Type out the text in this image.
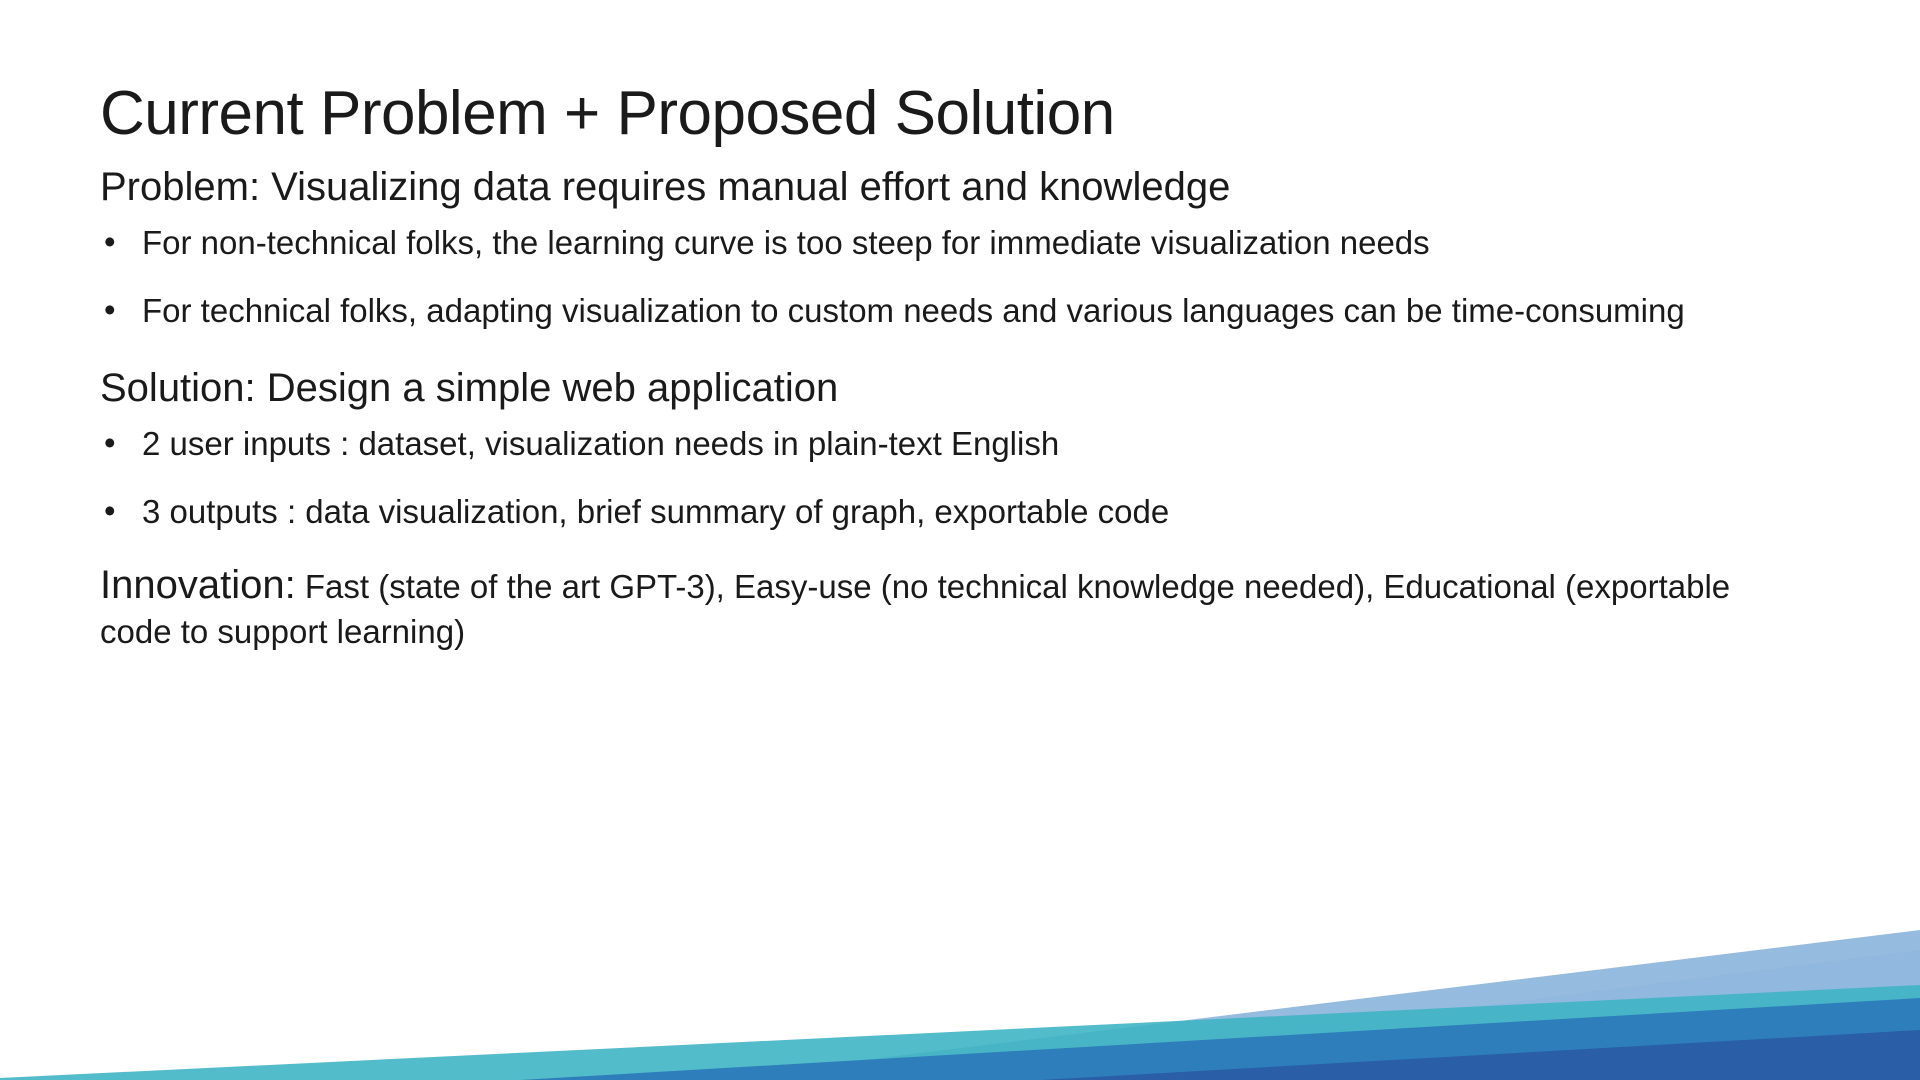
Current Problem + Proposed Solution
Problem: Visualizing data requires manual effort and knowledge
• For non-technical folks, the learning curve is too steep for immediate visualization needs
• For technical folks, adapting visualization to custom needs and various languages can be time-consuming
Solution: Design a simple web application
• 2 user inputs : dataset, visualization needs in plain-text English
• 3 outputs : data visualization, brief summary of graph, exportable code
Innovation: Fast (state of the art GPT-3), Easy-use (no technical knowledge needed), Educational (exportable code to support learning)
